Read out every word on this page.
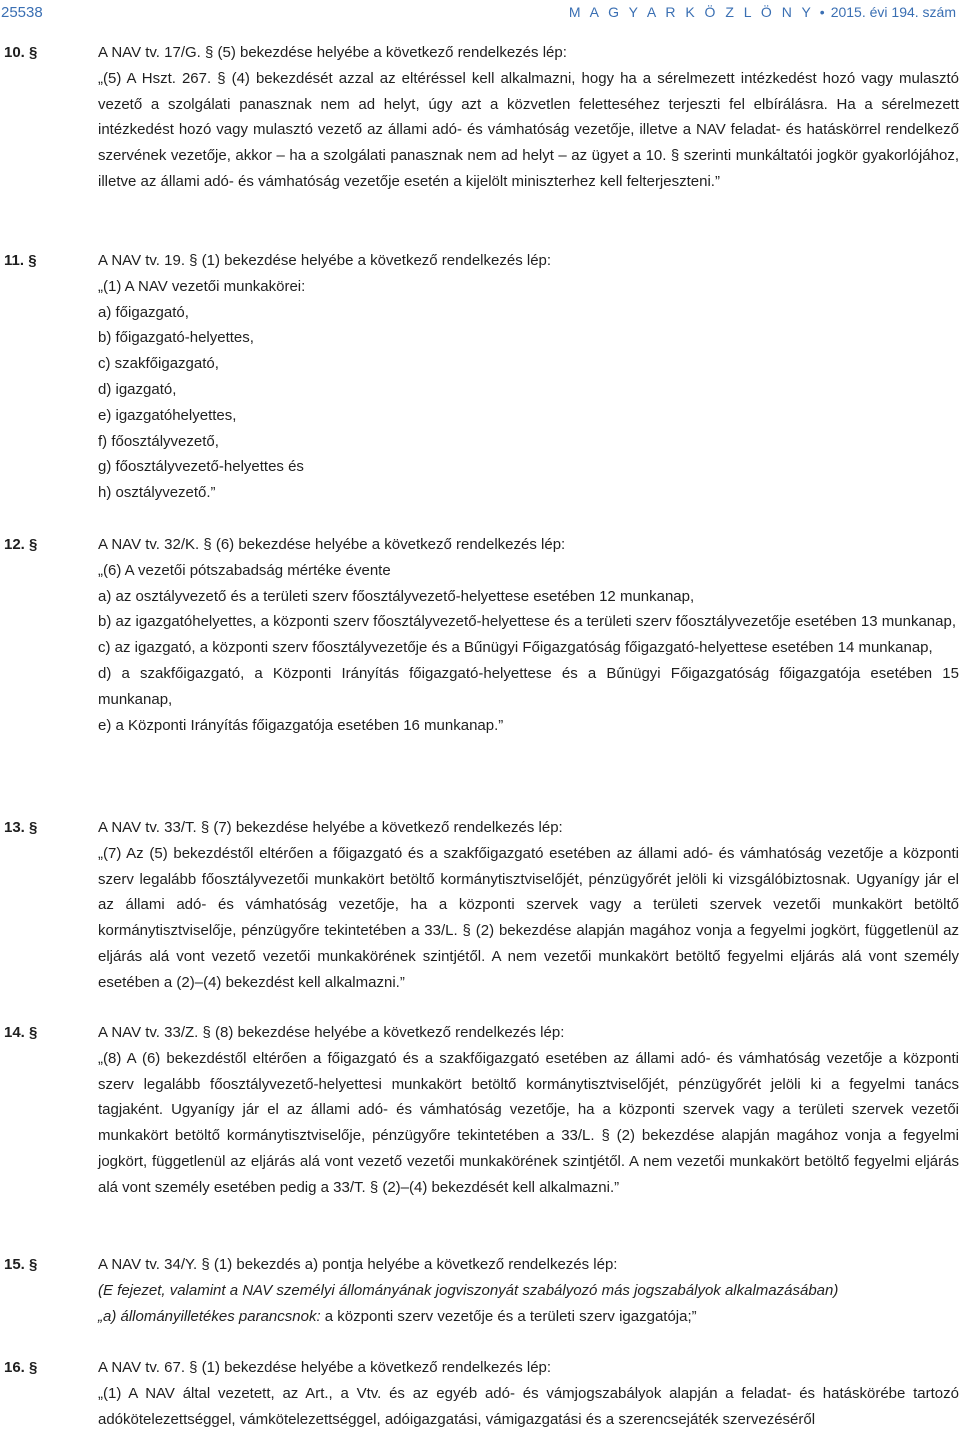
25538	M A G Y A R K Ö Z L Ö N Y • 2015. évi 194. szám
10. §	A NAV tv. 17/G. § (5) bekezdése helyébe a következő rendelkezés lép:
„(5) A Hszt. 267. § (4) bekezdését azzal az eltéréssel kell alkalmazni, hogy ha a sérelmezett intézkedést hozó vagy mulasztó vezető a szolgálati panasznak nem ad helyt, úgy azt a közvetlen feletteséhez terjeszti fel elbírálásra. Ha a sérelmezett intézkedést hozó vagy mulasztó vezető az állami adó- és vámhatóság vezetője, illetve a NAV feladat- és hatáskörrel rendelkező szervének vezetője, akkor – ha a szolgálati panasznak nem ad helyt – az ügyet a 10. § szerinti munkáltatói jogkör gyakorlójához, illetve az állami adó- és vámhatóság vezetője esetén a kijelölt miniszterhez kell felterjeszteni.”
11. §	A NAV tv. 19. § (1) bekezdése helyébe a következő rendelkezés lép:
„(1) A NAV vezetői munkakörei:
a) főigazgató,
b) főigazgató-helyettes,
c) szakfőigazgató,
d) igazgató,
e) igazgatóhelyettes,
f) főosztályvezető,
g) főosztályvezető-helyettes és
h) osztályvezető.”
12. §	A NAV tv. 32/K. § (6) bekezdése helyébe a következő rendelkezés lép:
„(6) A vezetői pótszabadság mértéke évente
a) az osztályvezető és a területi szerv főosztályvezető-helyettese esetében 12 munkanap,
b) az igazgatóhelyettes, a központi szerv főosztályvezető-helyettese és a területi szerv főosztályvezetője esetében 13 munkanap,
c) az igazgató, a központi szerv főosztályvezetője és a Bűnügyi Főigazgatóság főigazgató-helyettese esetében 14 munkanap,
d) a szakfőigazgató, a Központi Irányítás főigazgató-helyettese és a Bűnügyi Főigazgatóság főigazgatója esetében 15 munkanap,
e) a Központi Irányítás főigazgatója esetében 16 munkanap.”
13. §	A NAV tv. 33/T. § (7) bekezdése helyébe a következő rendelkezés lép:
„(7) Az (5) bekezdéstől eltérően a főigazgató és a szakfőigazgató esetében az állami adó- és vámhatóság vezetője a központi szerv legalább főosztályvezetői munkakört betöltő kormánytisztviselőjét, pénzügyőrét jelöli ki vizsgálóbiztosnak. Ugyanígy jár el az állami adó- és vámhatóság vezetője, ha a központi szervek vagy a területi szervek vezetői munkakört betöltő kormánytisztviselője, pénzügyőre tekintetében a 33/L. § (2) bekezdése alapján magához vonja a fegyelmi jogkört, függetlenül az eljárás alá vont vezető vezetői munkakörének szintjétől. A nem vezetői munkakört betöltő fegyelmi eljárás alá vont személy esetében a (2)–(4) bekezdést kell alkalmazni.”
14. §	A NAV tv. 33/Z. § (8) bekezdése helyébe a következő rendelkezés lép:
„(8) A (6) bekezdéstől eltérően a főigazgató és a szakfőigazgató esetében az állami adó- és vámhatóság vezetője a központi szerv legalább főosztályvezető-helyettesi munkakört betöltő kormánytisztviselőjét, pénzügyőrét jelöli ki a fegyelmi tanács tagjaként. Ugyanígy jár el az állami adó- és vámhatóság vezetője, ha a központi szervek vagy a területi szervek vezetői munkakört betöltő kormánytisztviselője, pénzügyőre tekintetében a 33/L. § (2) bekezdése alapján magához vonja a fegyelmi jogkört, függetlenül az eljárás alá vont vezető vezetői munkakörének szintjétől. A nem vezetői munkakört betöltő fegyelmi eljárás alá vont személy esetében pedig a 33/T. § (2)–(4) bekezdését kell alkalmazni.”
15. §	A NAV tv. 34/Y. § (1) bekezdés a) pontja helyébe a következő rendelkezés lép:
(E fejezet, valamint a NAV személyi állományának jogviszonyát szabályozó más jogszabályok alkalmazásában)
„a) állományilletékes parancsnok: a központi szerv vezetője és a területi szerv igazgatója;”
16. §	A NAV tv. 67. § (1) bekezdése helyébe a következő rendelkezés lép:
„(1) A NAV által vezetett, az Art., a Vtv. és az egyéb adó- és vámjogszabályok alapján a feladat- és hatáskörébe tartozó adókötelezettséggel, vámkötelezettséggel, adóigazgatási, vámigazgatási és a szerencsejáték szervezéséről
